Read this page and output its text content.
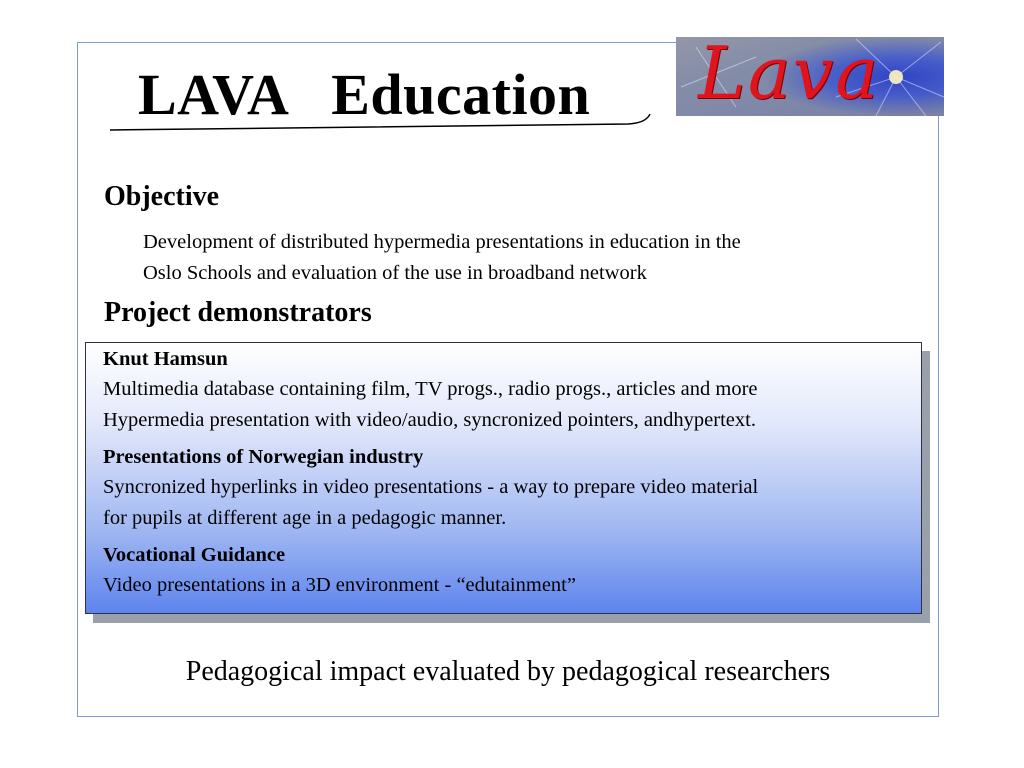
LAVA   Education Lava
Objective
Development of distributed hypermedia presentations in education in the
Oslo Schools and evaluation of the use in broadband network
Project demonstrators
Knut Hamsun
Multimedia database containing film, TV progs., radio progs., articles and more
Hypermedia presentation with video/audio, syncronized pointers, andhypertext.
Presentations of Norwegian industry
Syncronized hyperlinks in video presentations - a way to prepare video material
for pupils at different age in a pedagogic manner.
Vocational Guidance
Video presentations in a 3D environment - “edutainment”
Pedagogical impact evaluated by pedagogical researchers
